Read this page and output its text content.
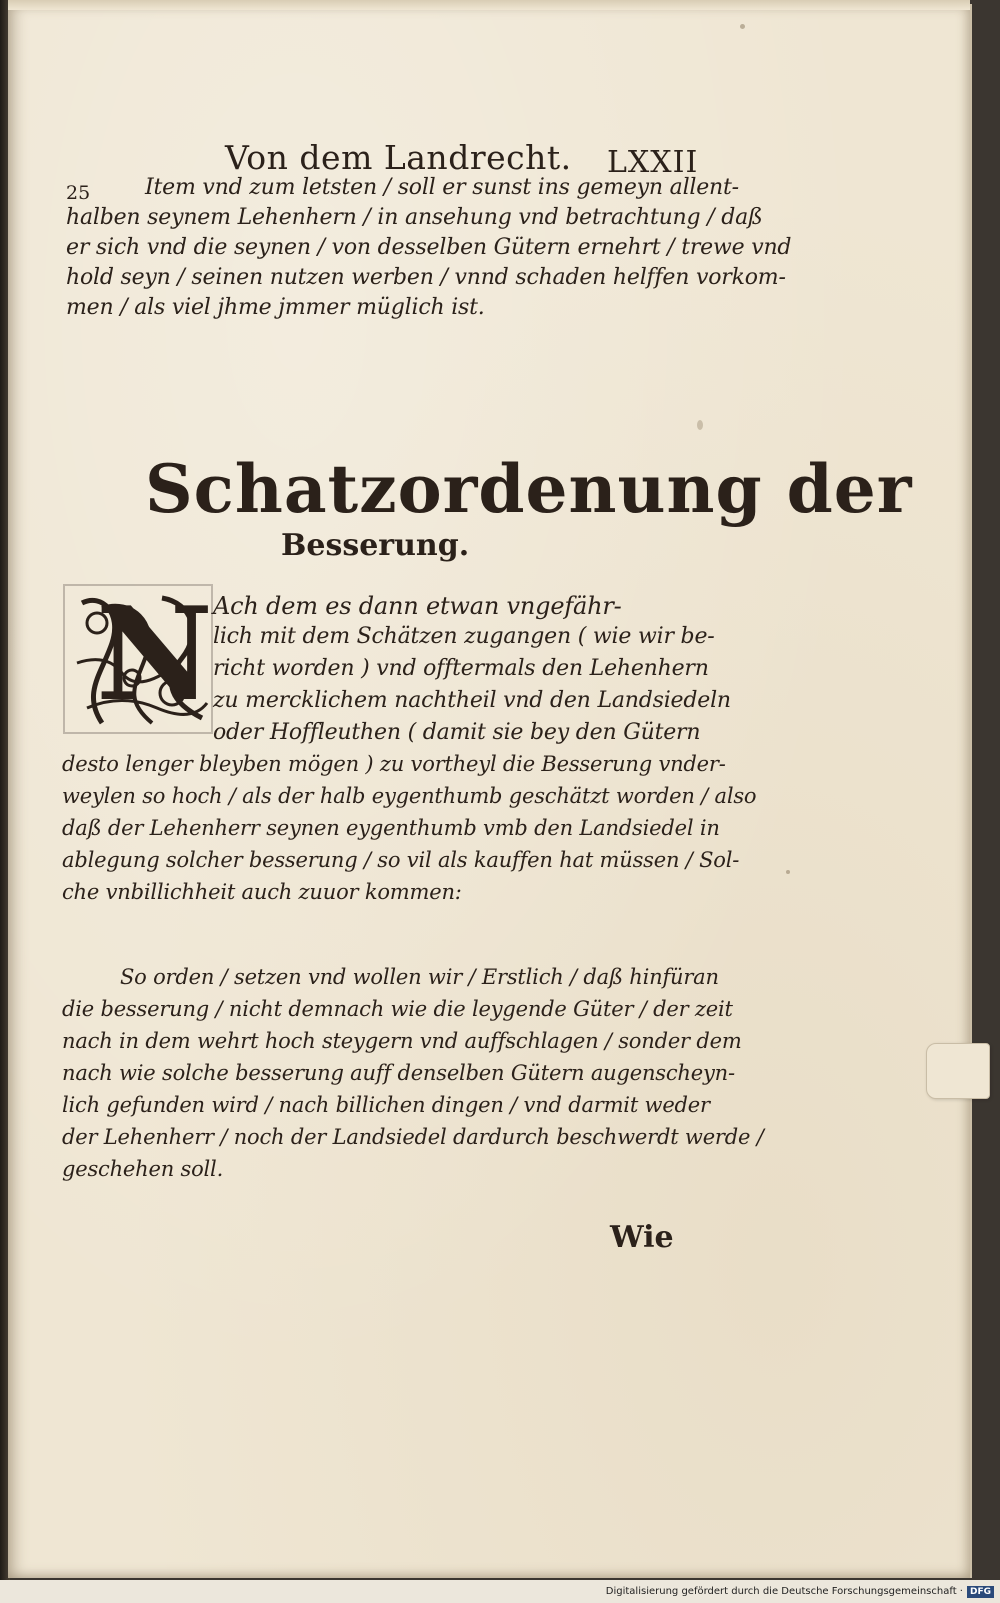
Von dem Landrecht. LXXII
25 Item vnd zum letsten / soll er sunst ins gemeyn allent-
halben seynem Lehenhern / in ansehung vnd betrachtung / daß
er sich vnd die seynen / von desselben Gütern ernehrt / trewe vnd
hold seyn / seinen nutzen werben / vnnd schaden helffen vorkom-
men / als viel jhme jmmer müglich ist.
Schatzordenung der
Besserung.
N Ach dem es dann etwan vngefähr-
lich mit dem Schätzen zugangen ( wie wir be-
richt worden ) vnd offtermals den Lehenhern
zu mercklichem nachtheil vnd den Landsiedeln
oder Hoffleuthen ( damit sie bey den Gütern
desto lenger bleyben mögen ) zu vortheyl die Besserung vnder-
weylen so hoch / als der halb eygenthumb geschätzt worden / also
daß der Lehenherr seynen eygenthumb vmb den Landsiedel in
ablegung solcher besserung / so vil als kauffen hat müssen / Sol-
che vnbillichheit auch zuuor kommen:
So orden / setzen vnd wollen wir / Erstlich / daß hinfüran
die besserung / nicht demnach wie die leygende Güter / der zeit
nach in dem wehrt hoch steygern vnd auffschlagen / sonder dem
nach wie solche besserung auff denselben Gütern augenscheyn-
lich gefunden wird / nach billichen dingen / vnd darmit weder
der Lehenherr / noch der Landsiedel dardurch beschwerdt werde /
geschehen soll.
Wie
Digitalisierung gefördert durch die Deutsche Forschungsgemeinschaft · DFG
